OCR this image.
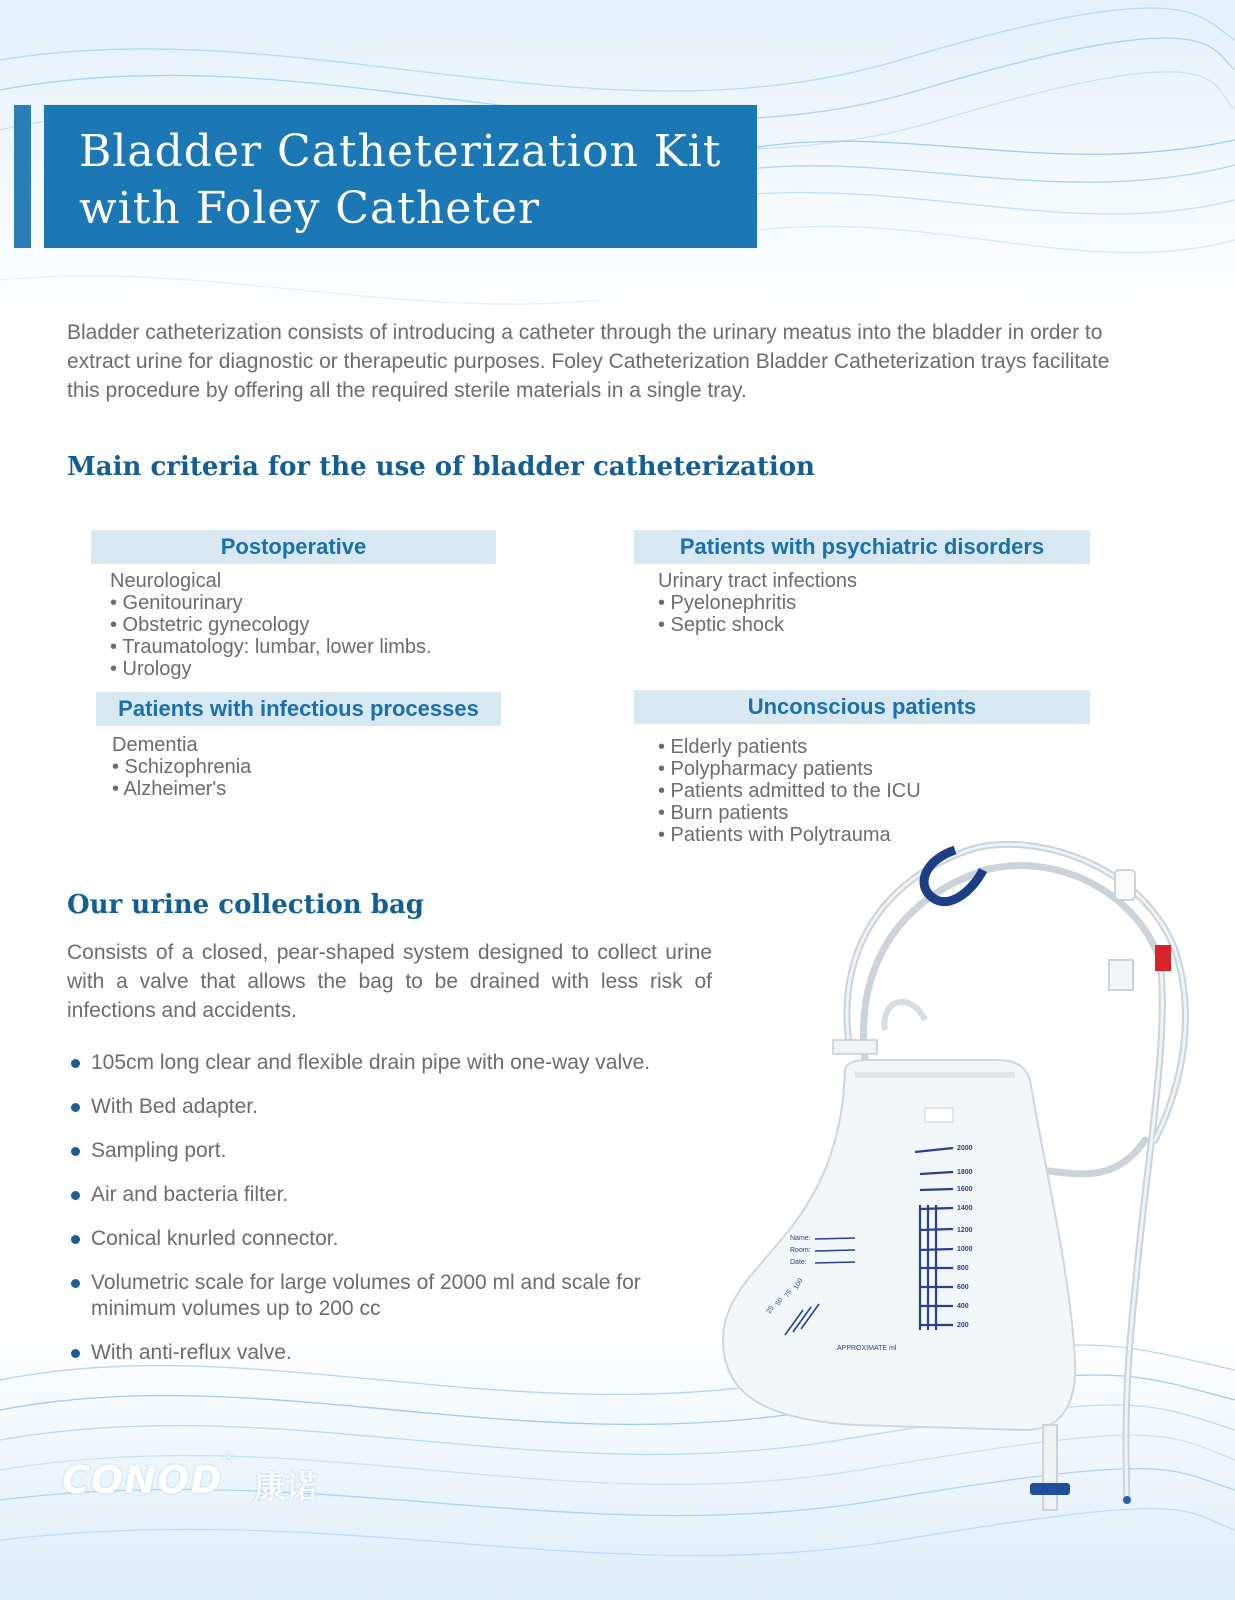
Bladder Catheterization Kit
with Foley Catheter

Bladder catheterization consists of introducing a catheter through the urinary meatus into the bladder in order to extract urine for diagnostic or therapeutic purposes. Foley Catheterization Bladder Catheterization trays facilitate this procedure by offering all the required sterile materials in a single tray.

Main criteria for the use of bladder catheterization
Postoperative
Neurological
• Genitourinary
• Obstetric gynecology
• Traumatology: lumbar, lower limbs.
• Urology
Patients with psychiatric disorders
Urinary tract infections
• Pyelonephritis
• Septic shock
Patients with infectious processes
Dementia
• Schizophrenia
• Alzheimer's
Unconscious patients
• Elderly patients
• Polypharmacy patients
• Patients admitted to the ICU
• Burn patients
• Patients with Polytrauma
Our urine collection bag

Consists of a closed, pear-shaped system designed to collect urine with a valve that allows the bag to be drained with less risk of infections and accidents.

105cm long clear and flexible drain pipe with one-way valve.
With Bed adapter.
Sampling port.
Air and bacteria filter.
Conical knurled connector.
Volumetric scale for large volumes of 2000 ml and scale for minimum volumes up to 200 cc
With anti-reflux valve.
2000
1800
1600
1400
1200
1000
800
600
400
200
Name:
Room:
Date:
APPROXIMATE ml
25
50
75
100
CONOD
®
康诺
